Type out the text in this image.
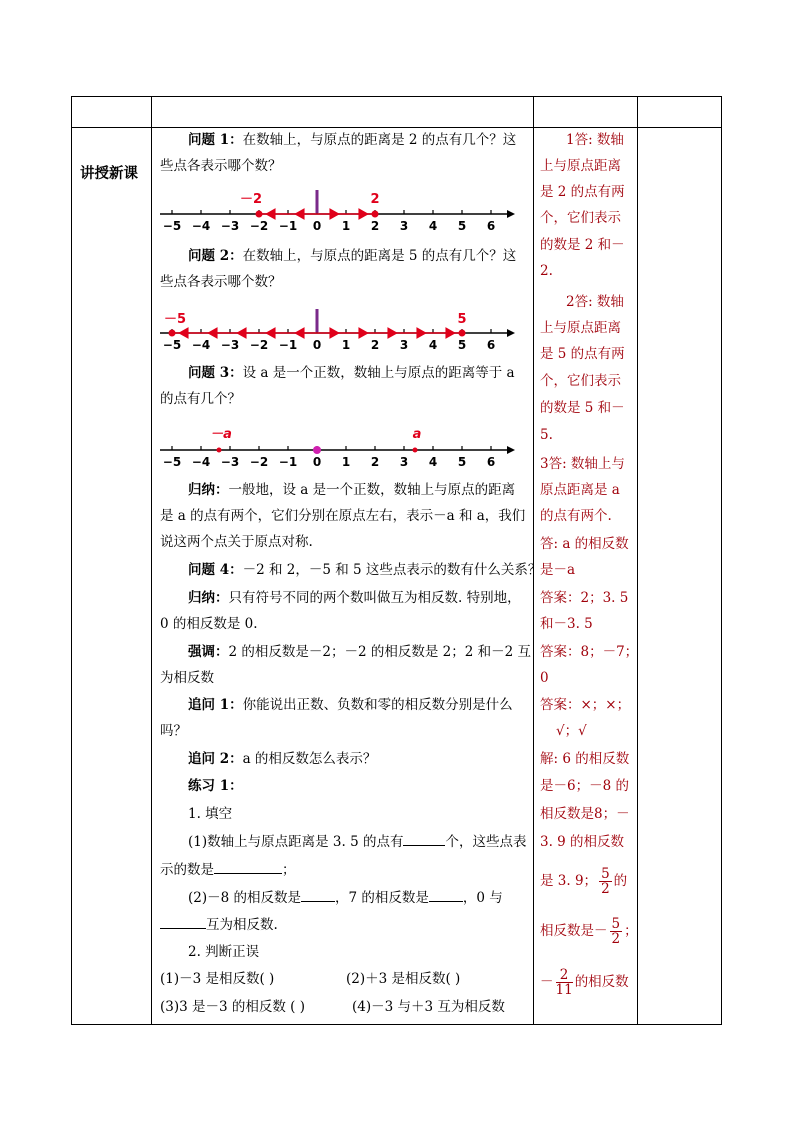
讲授新课
问题 1：在数轴上，与原点的距离是 2 的点有几个？这
些点各表示哪个数？
−5 −4 −3 −2 −1 0 1 2 3 4 5 6
－2	2
问题 2：在数轴上，与原点的距离是 5 的点有几个？这
些点各表示哪个数？
−5 −4 −3 −2 −1 0 1 2 3 4 5 6
－5	5
问题 3：设 a 是一个正数，数轴上与原点的距离等于 a
的点有几个？
−5 −4 −3 −2 −1 0 1 2 3 4 5 6
－a	a
归纳：一般地，设 a 是一个正数，数轴上与原点的距离
是 a 的点有两个，它们分别在原点左右，表示－a 和 a，我们
说这两个点关于原点对称.
问题 4：－2 和 2，－5 和 5 这些点表示的数有什么关系？
归纳：只有符号不同的两个数叫做互为相反数. 特别地，
0 的相反数是 0.
强调：2 的相反数是－2；－2 的相反数是 2；2 和－2 互
为相反数
追问 1：你能说出正数、负数和零的相反数分别是什么
吗？
追问 2：a 的相反数怎么表示？
练习 1：
1. 填空
(1)数轴上与原点距离是 3. 5 的点有	个，这些点表
示的数是	；
(2)－8 的相反数是	，7 的相反数是	，0 与
互为相反数.
2. 判断正误
(1)－3 是相反数( )	(2)＋3 是相反数( )
(3)3 是－3 的相反数 ( )	(4)－3 与＋3 互为相反数
1答: 数轴
上与原点距离
是 2 的点有两
个，它们表示
的数是 2 和－
2.
2答: 数轴
上与原点距离
是 5 的点有两
个，它们表示
的数是 5 和－
5.
3答: 数轴上与
原点距离是 a
的点有两个.
答: a 的相反数
是－a
答案：2；3. 5
和－3. 5
答案：8；－7；
0
答案：×；×；
√；√
解: 6 的相反数
是－6；－8 的
相反数是8；－
3. 9 的相反数
是 3. 9； $\frac{5}{2}$ 的
相反数是－ $\frac{5}{2}$ ；
－ $\frac{2}{11}$ 的相反数
